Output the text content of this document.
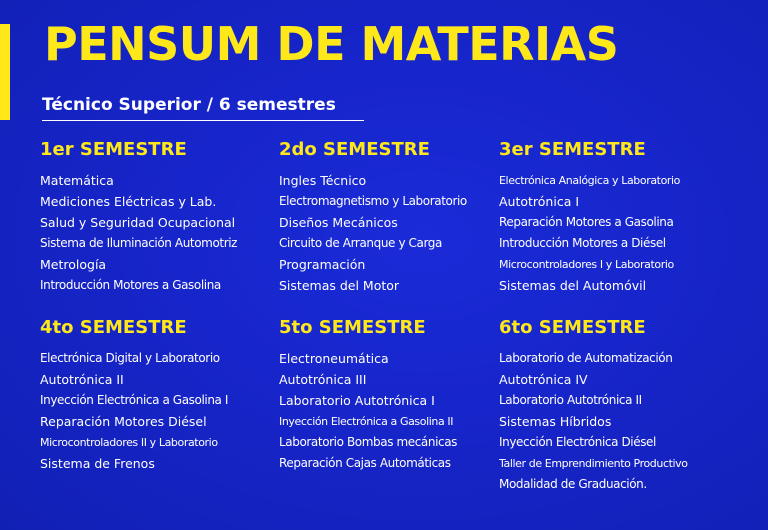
PENSUM DE MATERIAS
Técnico Superior / 6 semestres
1er SEMESTRE
Matemática
Mediciones Eléctricas y Lab.
Salud y Seguridad Ocupacional
Sistema de Iluminación Automotriz
Metrología
Introducción Motores a Gasolina
2do SEMESTRE
Ingles Técnico
Electromagnetismo y Laboratorio
Diseños Mecánicos
Circuito de Arranque y Carga
Programación
Sistemas del Motor
3er SEMESTRE
Electrónica Analógica y Laboratorio
Autotrónica I
Reparación Motores a Gasolina
Introducción Motores a Diésel
Microcontroladores I y Laboratorio
Sistemas del Automóvil
4to SEMESTRE
Electrónica Digital y Laboratorio
Autotrónica II
Inyección Electrónica a Gasolina I
Reparación Motores Diésel
Microcontroladores II y Laboratorio
Sistema de Frenos
5to SEMESTRE
Electroneumática
Autotrónica III
Laboratorio Autotrónica I
Inyección Electrónica a Gasolina II
Laboratorio Bombas mecánicas
Reparación Cajas Automáticas
6to SEMESTRE
Laboratorio de Automatización
Autotrónica IV
Laboratorio Autotrónica II
Sistemas Híbridos
Inyección Electrónica Diésel
Taller de Emprendimiento Productivo
Modalidad de Graduación.
